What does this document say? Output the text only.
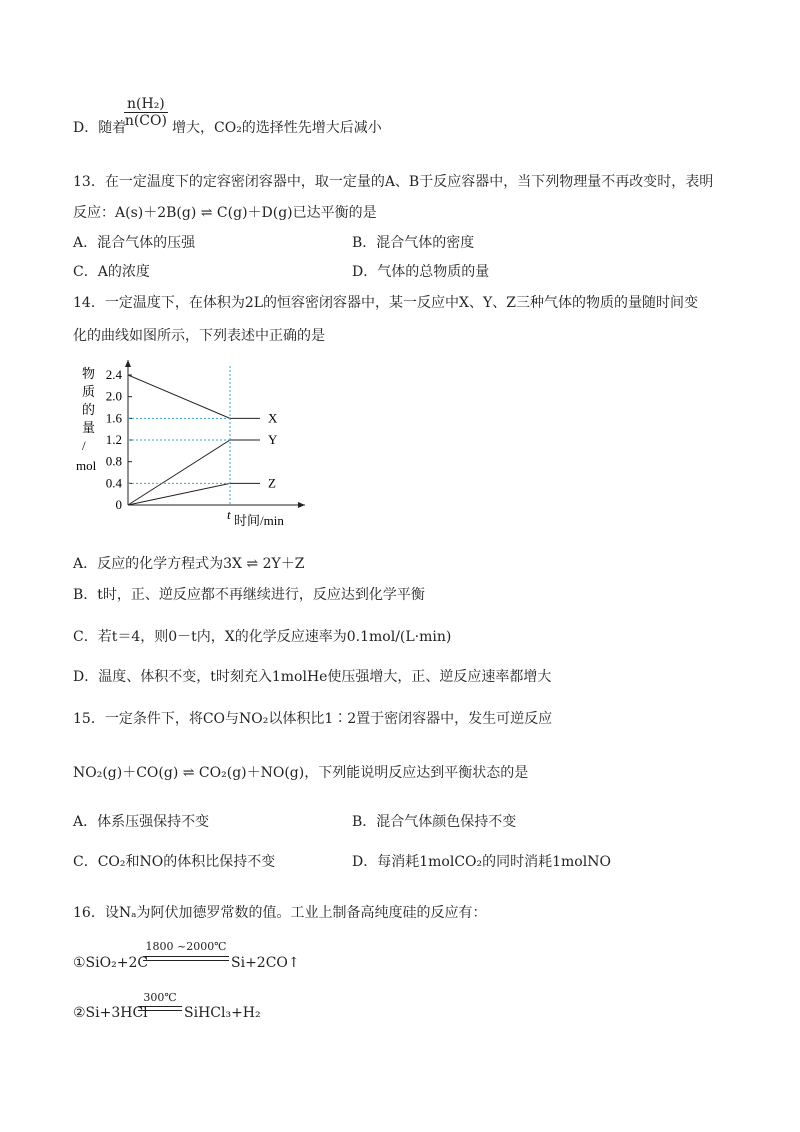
$\frac{\text{n(H₂)}}{n(CO)}$
D．随着	增大，CO₂的选择性先增大后减小
13．在一定温度下的定容密闭容器中，取一定量的A、B于反应容器中，当下列物理量不再改变时，表明
反应：A(s)＋2B(g) ⇌ C(g)＋D(g)已达平衡的是
A．混合气体的压强	B．混合气体的密度
C．A的浓度	D．气体的总物质的量
14．一定温度下，在体积为2L的恒容密闭容器中，某一反应中X、Y、Z三种气体的物质的量随时间变
化的曲线如图所示，下列表述中正确的是
0
0.4
0.8
1.2
1.6
2.0
2.4
物
质
的
量
/
mol
t 时间/min
X
Y
Z
A．反应的化学方程式为3X ⇌ 2Y＋Z
B．t时，正、逆反应都不再继续进行，反应达到化学平衡
C．若t＝4，则0－t内，X的化学反应速率为0.1mol/(L·min)
D．温度、体积不变，t时刻充入1molHe使压强增大，正、逆反应速率都增大
15．一定条件下，将CO与NO₂以体积比1∶2置于密闭容器中，发生可逆反应
NO₂(g)＋CO(g) ⇌ CO₂(g)＋NO(g)，下列能说明反应达到平衡状态的是
A．体系压强保持不变	B．混合气体颜色保持不变
C．CO₂和NO的体积比保持不变	D．每消耗1molCO₂的同时消耗1molNO
16．设Nₐ为阿伏加德罗常数的值。工业上制备高纯度硅的反应有：
①SiO₂+2C
1800 ~2000℃
Si+2CO↑
②Si+3HCl
300℃
SiHCl₃+H₂
